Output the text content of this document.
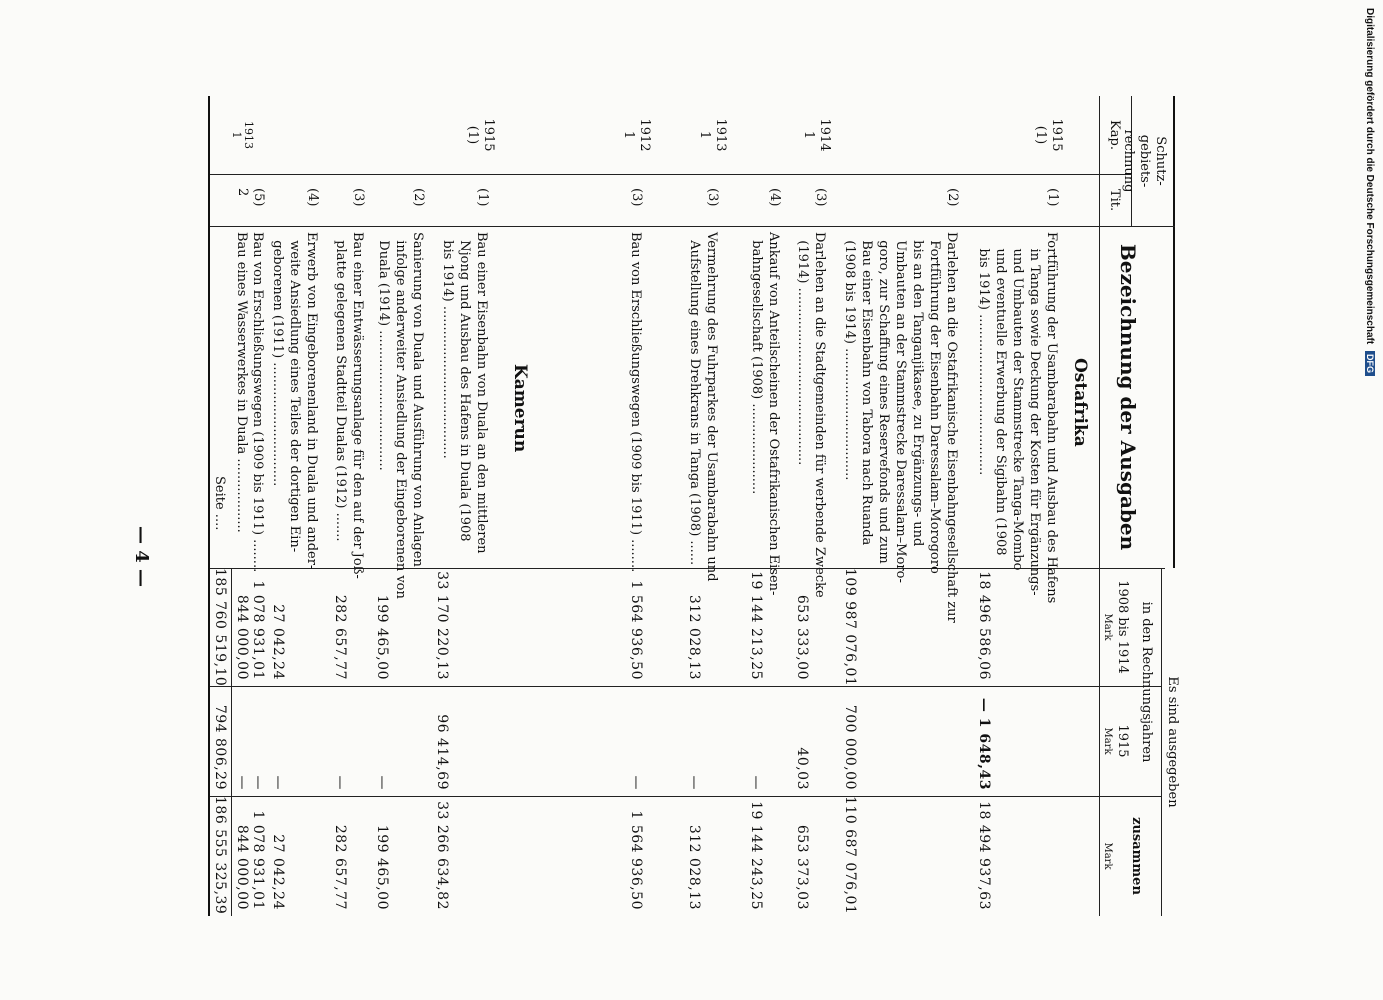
Digitalisierung gefördert durch die Deutsche Forschungsgemeinschaft DFG
— 4 —
Schutz-
gebiets-
rechnung
Kap.
Tit.
Bezeichnung der Ausgaben
Es sind ausgegeben
in den Rechnungsjahren
1908 bis 1914
1915
zusammen
Mark
Mark
Mark
Ostafrika
Kamerun
1915
(1)
(1)
Fortführung der Usambarabahn und Ausbau des Hafens
in Tanga sowie Deckung der Kosten für Ergänzungs-
und Umbauten der Stammstrecke Tanga-Mombo
und eventuelle Erwerbung der Sigibahn (1908
bis 1914) .......................................
18 496 586,06
— 1 648,43
18 494 937,63
(2)
Darlehen an die Ostafrikanische Eisenbahngesellschaft zur
Fortführung der Eisenbahn Daressalam–Morogoro
bis an den Tanganjikasee, zu Ergänzungs- und
Umbauten an der Stammstrecke Daressalam–Moro-
goro, zur Schaffung eines Reservefonds und zum
Bau einer Eisenbahn von Tabora nach Ruanda
(1908 bis 1914) ................................
109 987 076,01
700 000,00
110 687 076,01
1914
1
(3)
Darlehen an die Stadtgemeinden für werbende Zwecke
(1914) ...........................................
653 333,00
40,03
653 373,03
(4)
Ankauf von Anteilscheinen der Ostafrikanischen Eisen-
bahngesellschaft (1908) ......................
19 144 213,25
—
19 144 243,25
1913
1
(3)
Vermehrung des Fuhrparkes der Usambarabahn und
Aufstellung eines Drehkrans in Tanga (1908) ......
312 028,13
—
312 028,13
1912
1
(3)
Bau von Erschließungswegen (1909 bis 1911) ........
1 564 936,50
—
1 564 936,50
1915
(1)
(1)
Bau einer Eisenbahn von Duala an den mittleren
Njong und Ausbau des Hafens in Duala (1908
bis 1914) .....................................
33 170 220,13
96 414,69
33 266 634,82
(2)
Sanierung von Duala und Ausführung von Anlagen
infolge anderweiter Ansiedlung der Eingeborenen von
Duala (1914) ..................................
199 465,00
—
199 465,00
(3)
Bau einer Entwässerungsanlage für den auf der Joß-
platte gelegenen Stadtteil Dualas (1912) .......
282 657,77
—
282 657,77
(4)
Erwerb von Eingeborenenland in Duala und ander-
weite Ansiedlung eines Teiles der dortigen Ein-
geborenen (1911) ..............................
27 042,24
—
27 042,24
(5)
Bau von Erschließungswegen (1909 bis 1911) ........
1 078 931,01
—
1 078 931,01
1913
1
2
Bau eines Wasserwerkes in Duala ..................
844 000,00
—
844 000,00
Seite ....
185 760 519,10
794 806,29
186 555 325,39
